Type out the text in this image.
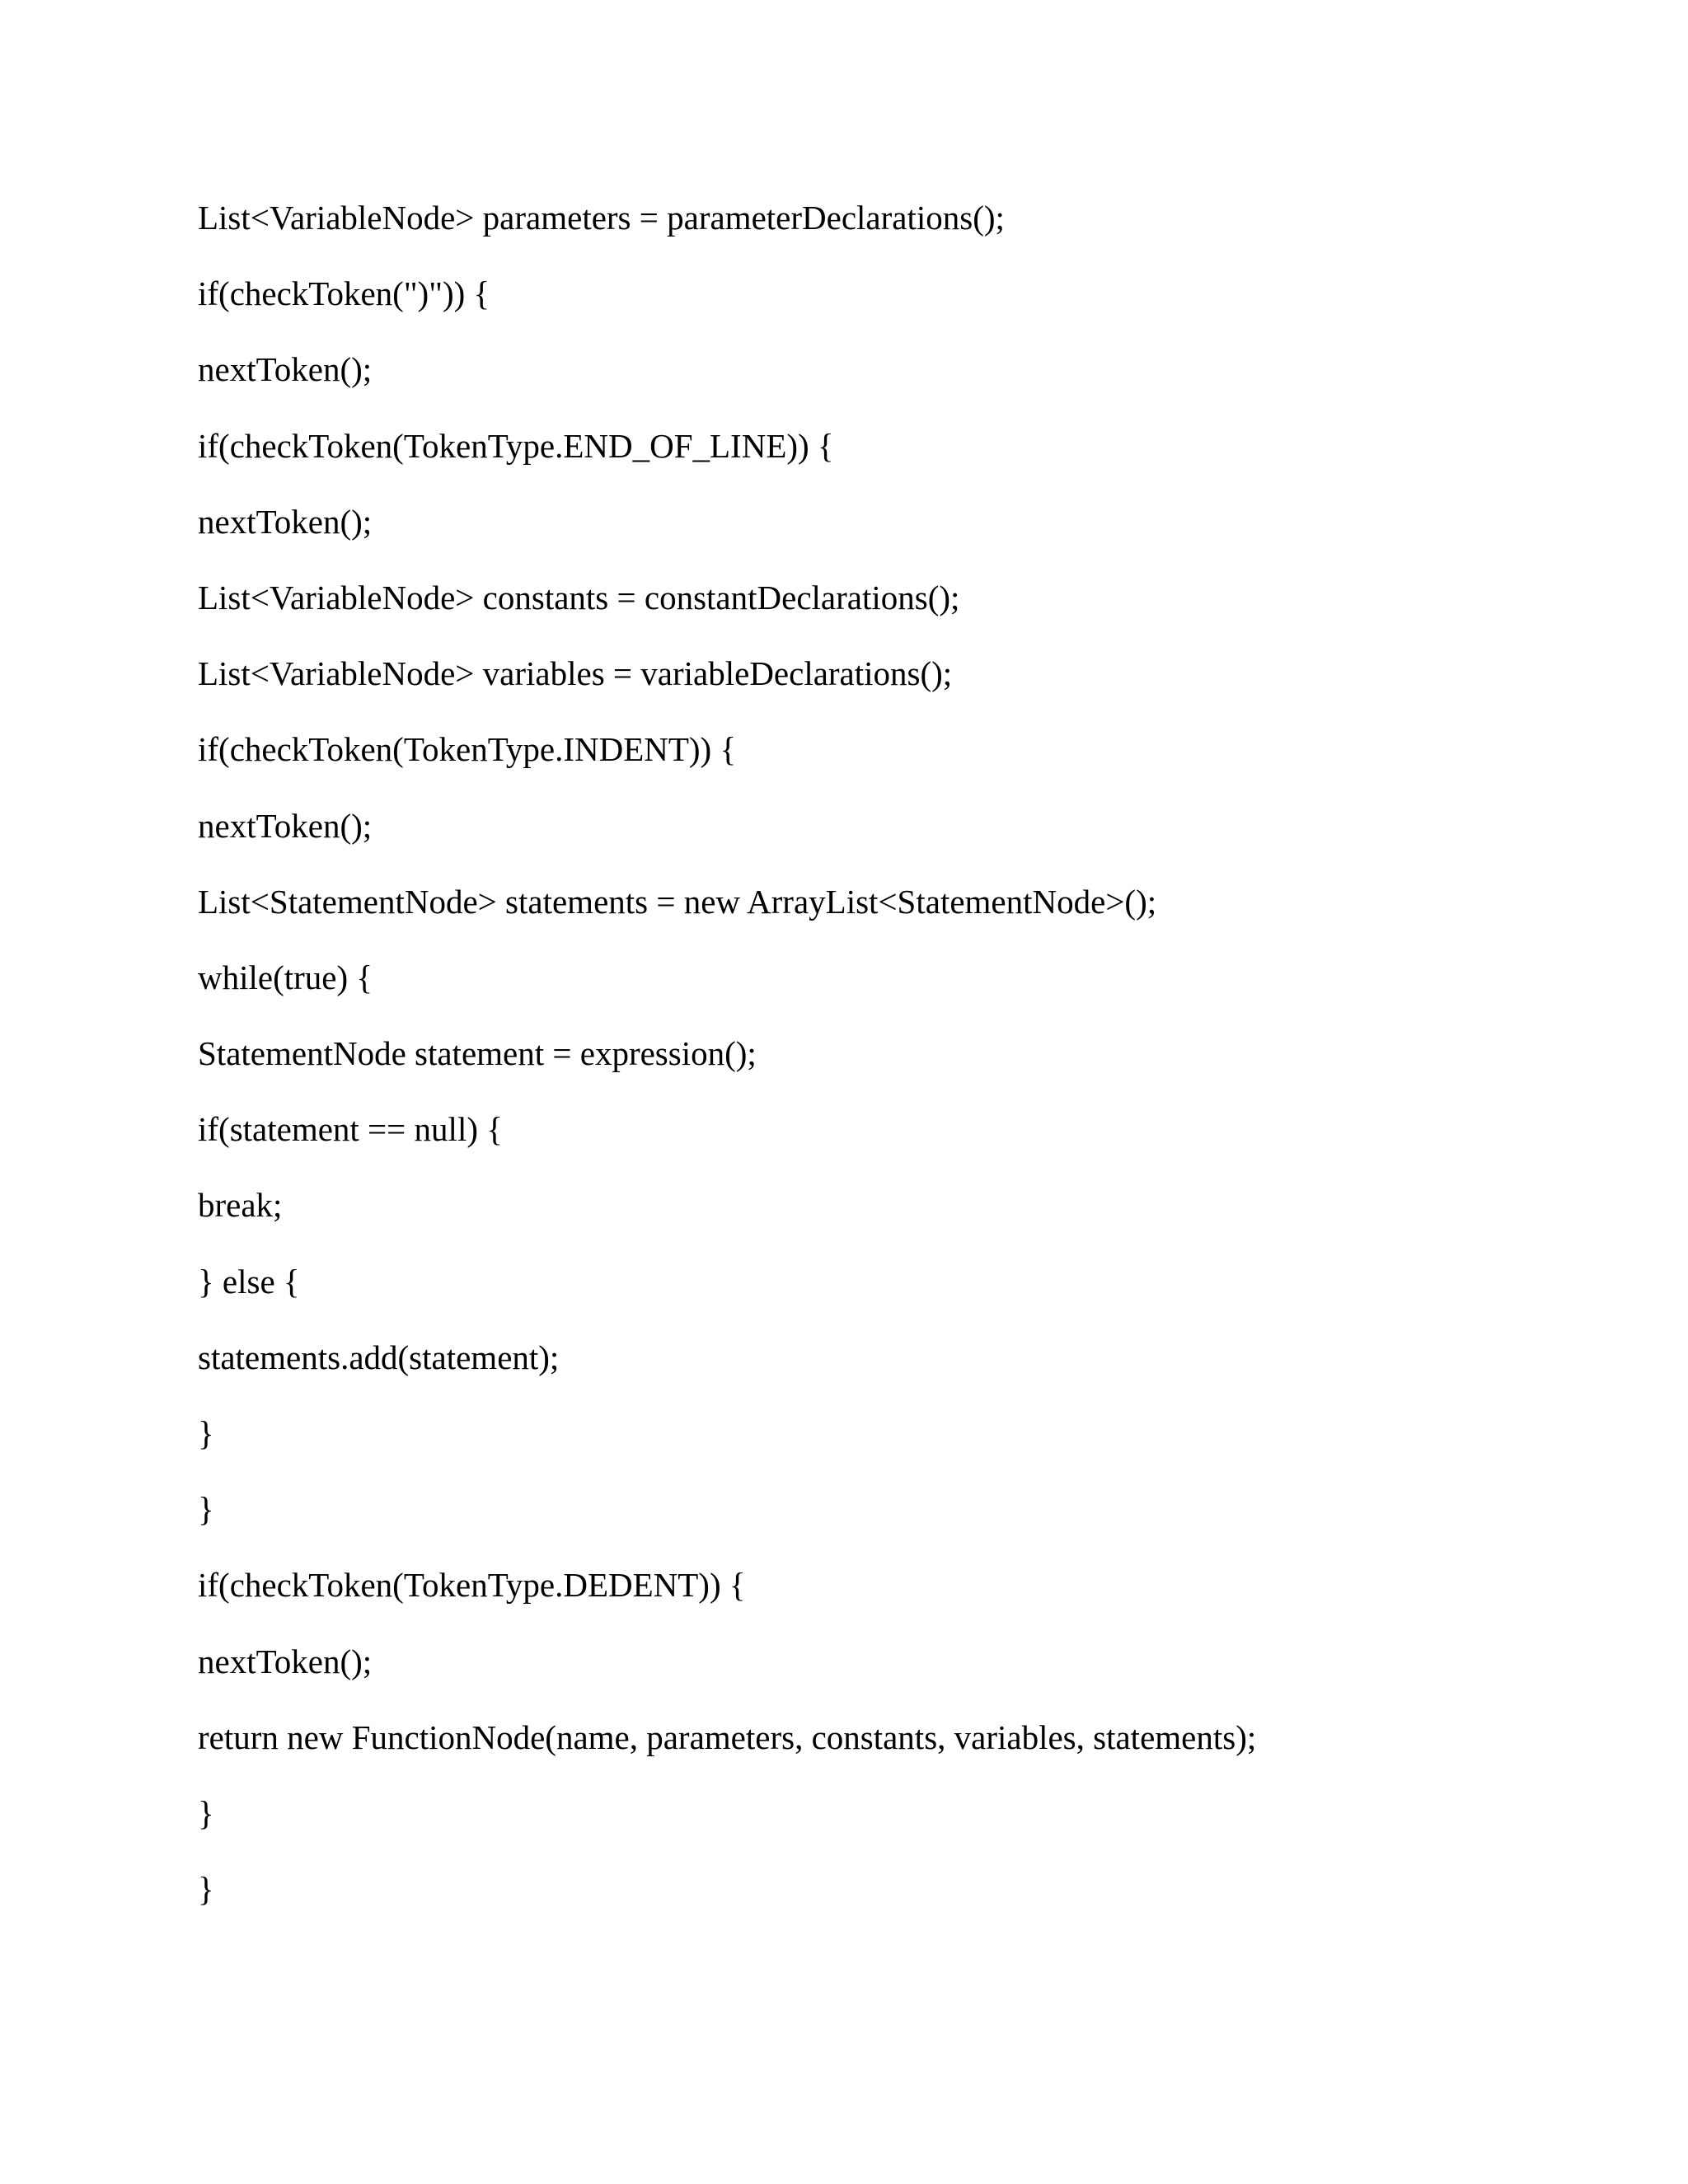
List<VariableNode> parameters = parameterDeclarations();
if(checkToken(")")) {
nextToken();
if(checkToken(TokenType.END_OF_LINE)) {
nextToken();
List<VariableNode> constants = constantDeclarations();
List<VariableNode> variables = variableDeclarations();
if(checkToken(TokenType.INDENT)) {
nextToken();
List<StatementNode> statements = new ArrayList<StatementNode>();
while(true) {
StatementNode statement = expression();
if(statement == null) {
break;
} else {
statements.add(statement);
}
}
if(checkToken(TokenType.DEDENT)) {
nextToken();
return new FunctionNode(name, parameters, constants, variables, statements);
}
}
